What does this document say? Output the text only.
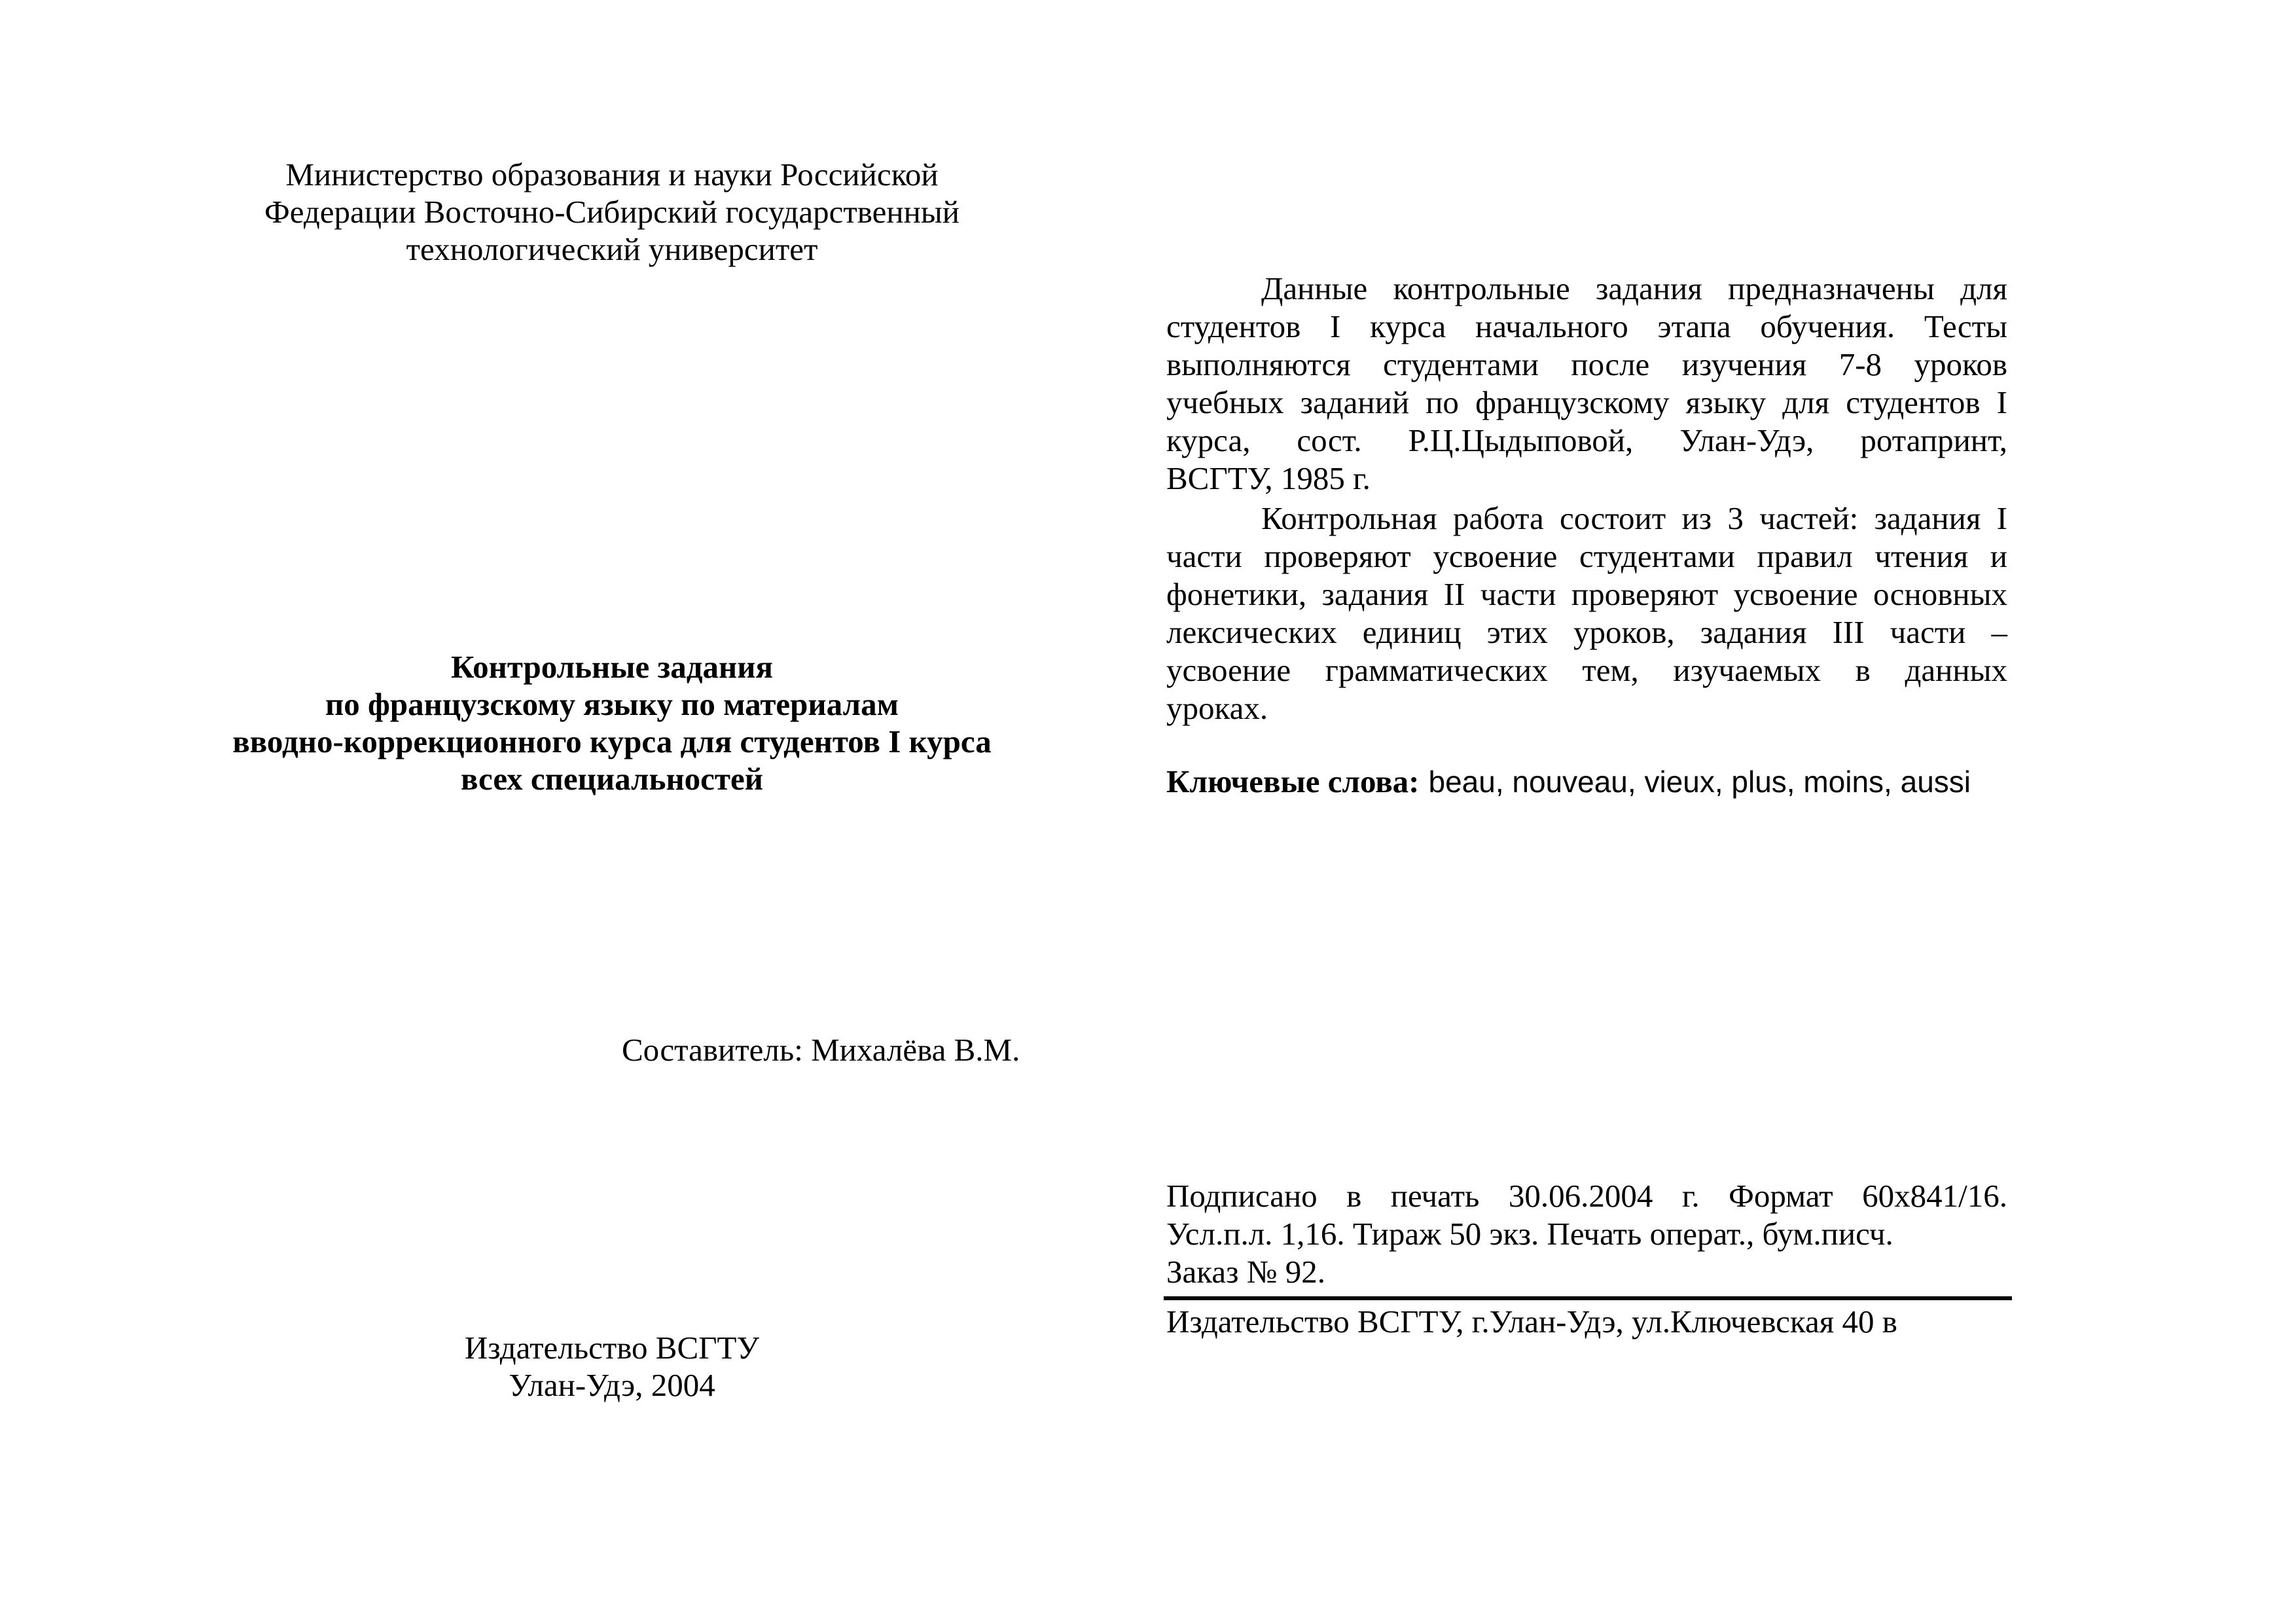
Министерство образования и науки Российской
Федерации Восточно-Сибирский государственный
технологический университет
Контрольные задания
по французскому языку по материалам
вводно-коррекционного курса для студентов I курса
всех специальностей
Составитель: Михалёва В.М.
Издательство ВСГТУ
Улан-Удэ, 2004
Данные контрольные задания предназначены для
студентов I курса начального этапа обучения. Тесты
выполняются студентами после изучения 7-8 уроков
учебных заданий по французскому языку для студентов I
курса, сост. Р.Ц.Цыдыповой, Улан-Удэ, ротапринт,
ВСГТУ, 1985 г.
Контрольная работа состоит из 3 частей: задания I
части проверяют усвоение студентами правил чтения и
фонетики, задания II части проверяют усвоение основных
лексических единиц этих уроков, задания III части –
усвоение грамматических тем, изучаемых в данных
уроках.
Ключевые слова: beau, nouveau, vieux, plus, moins, aussi
Подписано в печать 30.06.2004 г. Формат 60х841/16.
Усл.п.л. 1,16. Тираж 50 экз. Печать операт., бум.писч.
Заказ № 92.
Издательство ВСГТУ, г.Улан-Удэ, ул.Ключевская 40 в
